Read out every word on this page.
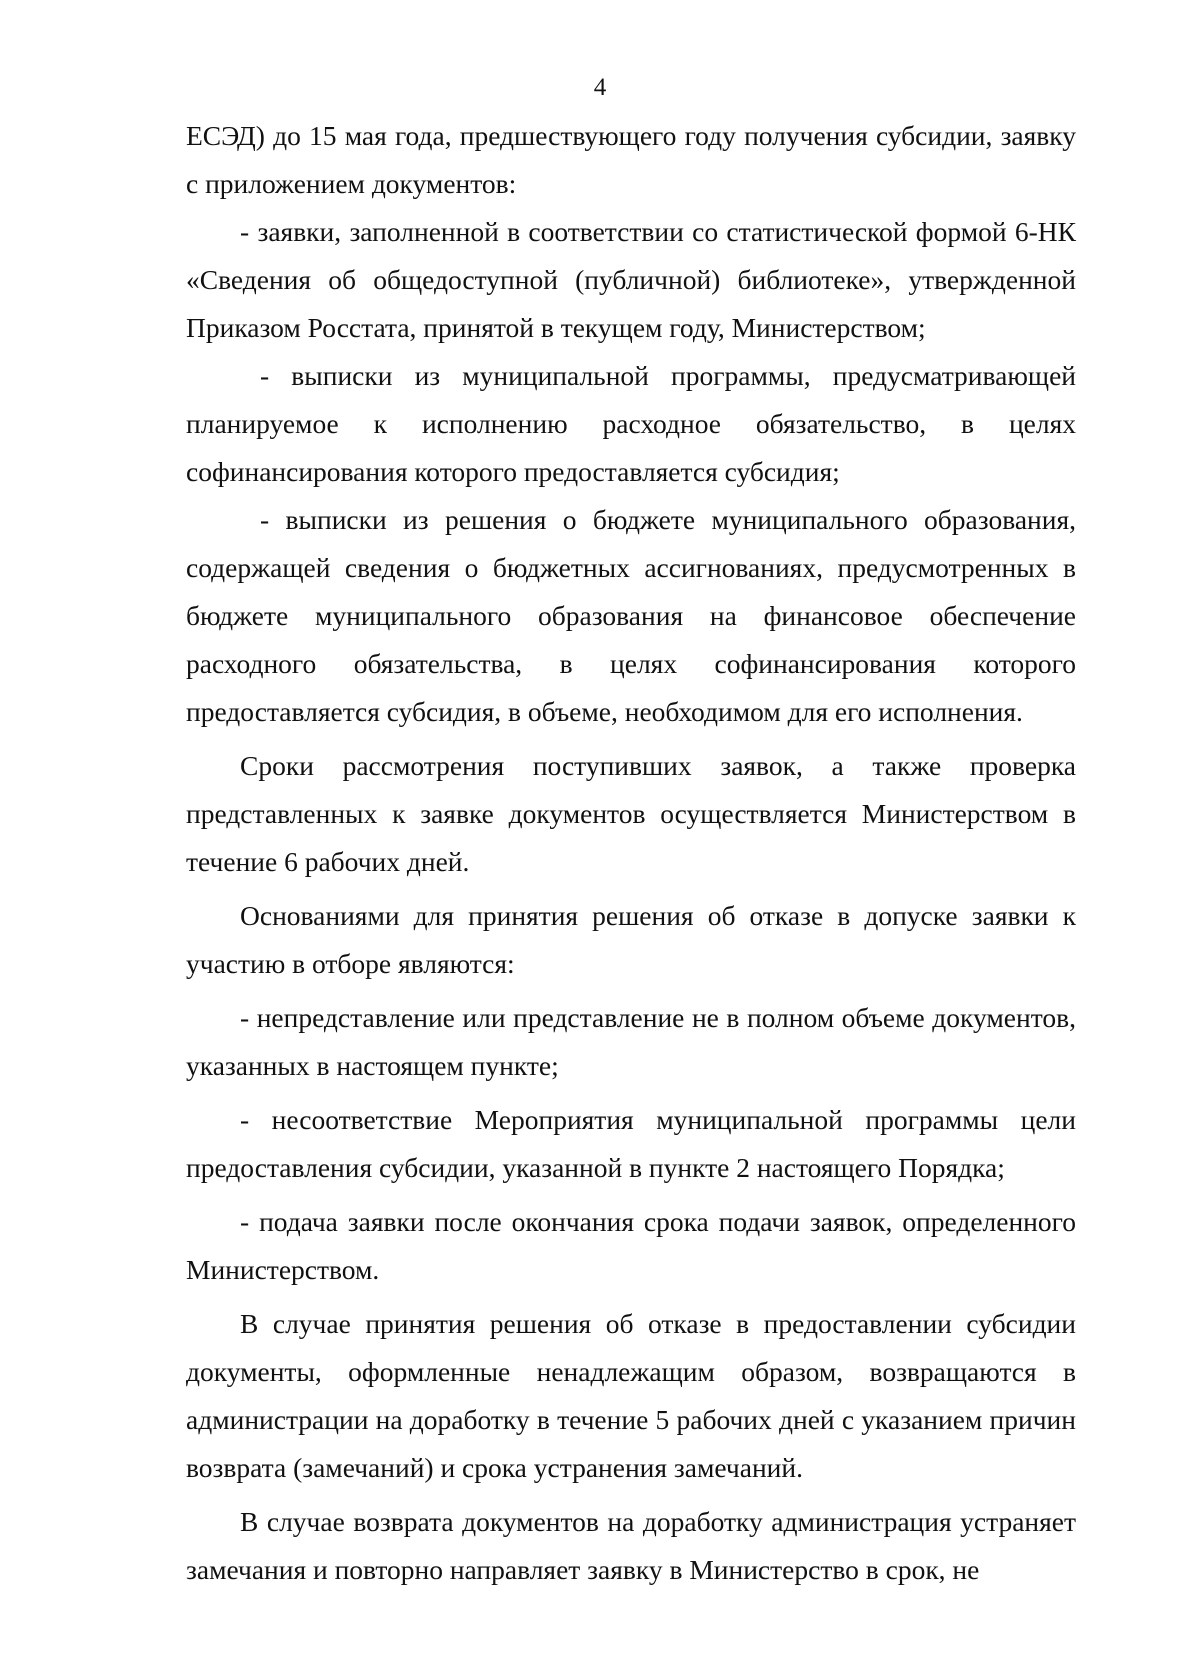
4

ЕСЭД) до 15 мая года, предшествующего году получения субсидии, заявку с приложением документов:

- заявки, заполненной в соответствии со статистической формой 6-НК «Сведения об общедоступной (публичной) библиотеке», утвержденной Приказом Росстата, принятой в текущем году, Министерством;

- выписки из муниципальной программы, предусматривающей планируемое к исполнению расходное обязательство, в целях софинансирования которого предоставляется субсидия;

- выписки из решения о бюджете муниципального образования, содержащей сведения о бюджетных ассигнованиях, предусмотренных в бюджете муниципального образования на финансовое обеспечение расходного обязательства, в целях софинансирования которого предоставляется субсидия, в объеме, необходимом для его исполнения.

Сроки рассмотрения поступивших заявок, а также проверка представленных к заявке документов осуществляется Министерством в течение 6 рабочих дней.

Основаниями для принятия решения об отказе в допуске заявки к участию в отборе являются:

- непредставление или представление не в полном объеме документов, указанных в настоящем пункте;

- несоответствие Мероприятия муниципальной программы цели предоставления субсидии, указанной в пункте 2 настоящего Порядка;

- подача заявки после окончания срока подачи заявок, определенного Министерством.

В случае принятия решения об отказе в предоставлении субсидии документы, оформленные ненадлежащим образом, возвращаются в администрации на доработку в течение 5 рабочих дней с указанием причин возврата (замечаний) и срока устранения замечаний.

В случае возврата документов на доработку администрация устраняет замечания и повторно направляет заявку в Министерство в срок, не
